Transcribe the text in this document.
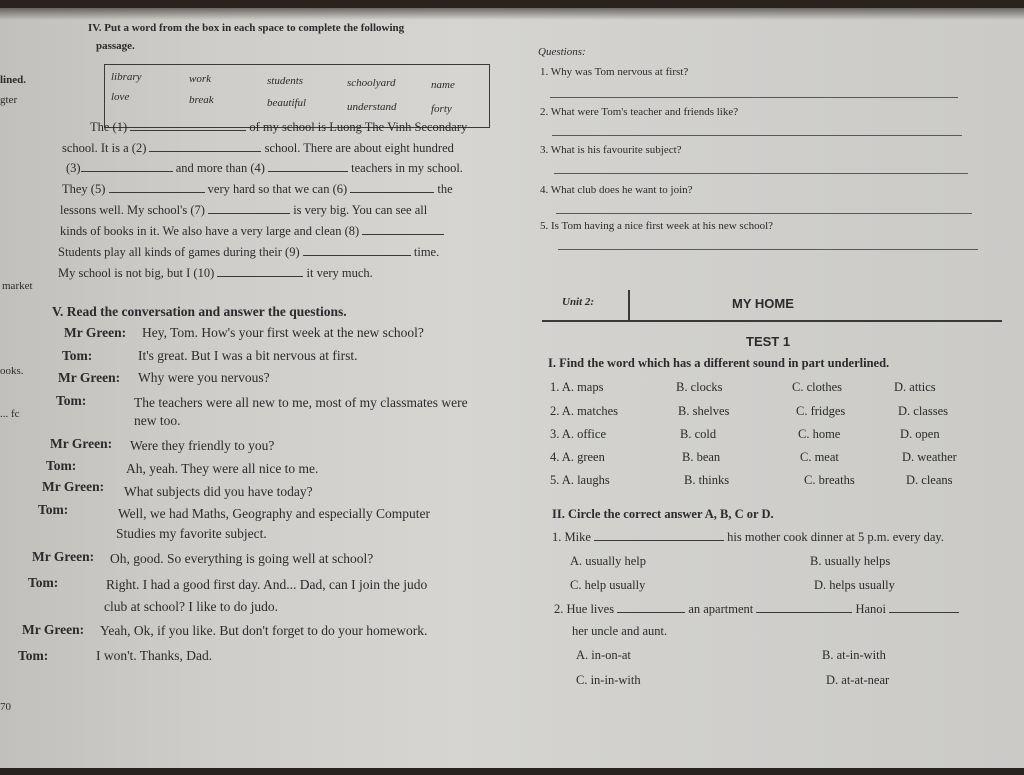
lined.
gter
market
ooks.
... fc
70
IV. Put a word from the box in each space to complete the following
passage.
library	work	students	schoolyard	name
love	break	beautiful	understand	forty
The (1)	of my school is Luong The Vinh Secondary
school. It is a (2)	school. There are about eight hundred
(3)	and more than (4)	teachers in my school.
They (5)	very hard so that we can (6)	the
lessons well. My school's (7)	is very big. You can see all
kinds of books in it. We also have a very large and clean (8)
Students play all kinds of games during their (9)	time.
My school is not big, but I (10)	it very much.
Questions:
1. Why was Tom nervous at first?
2. What were Tom's teacher and friends like?
3. What is his favourite subject?
4. What club does he want to join?
5. Is Tom having a nice first week at his new school?
V. Read the conversation and answer the questions.
Mr Green: Hey, Tom. How's your first week at the new school?
Tom:	It's great. But I was a bit nervous at first.
Mr Green: Why were you nervous?
Tom:	The teachers were all new to me, most of my classmates were
new too.
Mr Green: Were they friendly to you?
Tom:	Ah, yeah. They were all nice to me.
Mr Green: What subjects did you have today?
Tom:	Well, we had Maths, Geography and especially Computer
Studies my favorite subject.
Mr Green: Oh, good. So everything is going well at school?
Tom:	Right. I had a good first day. And... Dad, can I join the judo
club at school? I like to do judo.
Mr Green: Yeah, Ok, if you like. But don't forget to do your homework.
Tom:	I won't. Thanks, Dad.
Unit 2:	MY HOME
TEST 1
I. Find the word which has a different sound in part underlined.
1. A. maps	B. clocks	C. clothes	D. attics
2. A. matches	B. shelves	C. fridges	D. classes
3. A. office	B. cold	C. home	D. open
4. A. green	B. bean	C. meat	D. weather
5. A. laughs	B. thinks	C. breaths	D. cleans
II. Circle the correct answer A, B, C or D.
1. Mike	his mother cook dinner at 5 p.m. every day.
A. usually help	B. usually helps
C. help usually	D. helps usually
2. Hue lives	an apartment	Hanoi
her uncle and aunt.
A. in-on-at	B. at-in-with
C. in-in-with	D. at-at-near
